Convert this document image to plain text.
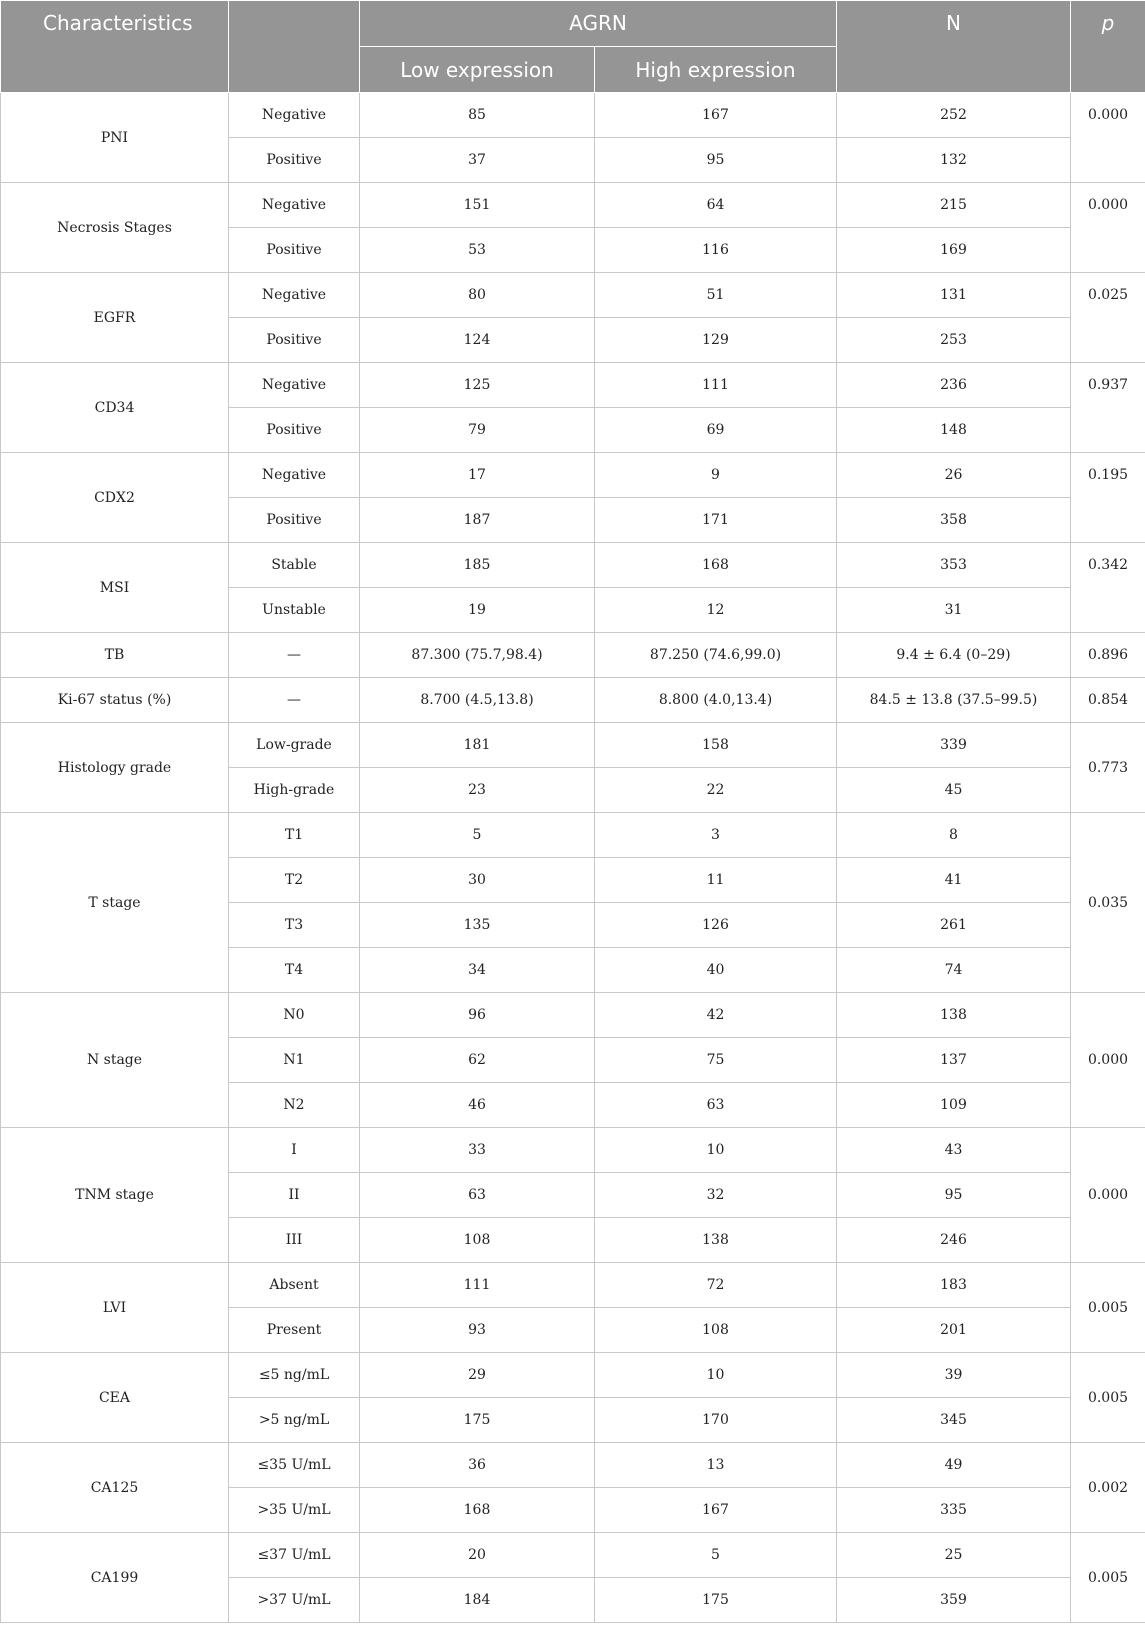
Characteristics		AGRN		N	p
		Low expression	High expression		
PNI	Negative	85	167	252	0.000
	Positive	37	95	132	
Necrosis Stages	Negative	151	64	215	0.000
	Positive	53	116	169	
EGFR	Negative	80	51	131	0.025
	Positive	124	129	253	
CD34	Negative	125	111	236	0.937
	Positive	79	69	148	
CDX2	Negative	17	9	26	0.195
	Positive	187	171	358	
MSI	Stable	185	168	353	0.342
	Unstable	19	12	31	
TB	—	87.300 (75.7,98.4)	87.250 (74.6,99.0)	9.4 ± 6.4 (0–29)	0.896
Ki-67 status (%)	—	8.700 (4.5,13.8)	8.800 (4.0,13.4)	84.5 ± 13.8 (37.5–99.5)	0.854
Histology grade	Low-grade	181	158	339	0.773
	High-grade	23	22	45	
T stage	T1	5	3	8	0.035
	T2	30	11	41	
	T3	135	126	261	
	T4	34	40	74	
N stage	N0	96	42	138	0.000
	N1	62	75	137	
	N2	46	63	109	
TNM stage	I	33	10	43	0.000
	II	63	32	95	
	III	108	138	246	
LVI	Absent	111	72	183	0.005
	Present	93	108	201	
CEA	≤5 ng/mL	29	10	39	0.005
	>5 ng/mL	175	170	345	
CA125	≤35 U/mL	36	13	49	0.002
	>35 U/mL	168	167	335	
CA199	≤37 U/mL	20	5	25	0.005
	>37 U/mL	184	175	359	
